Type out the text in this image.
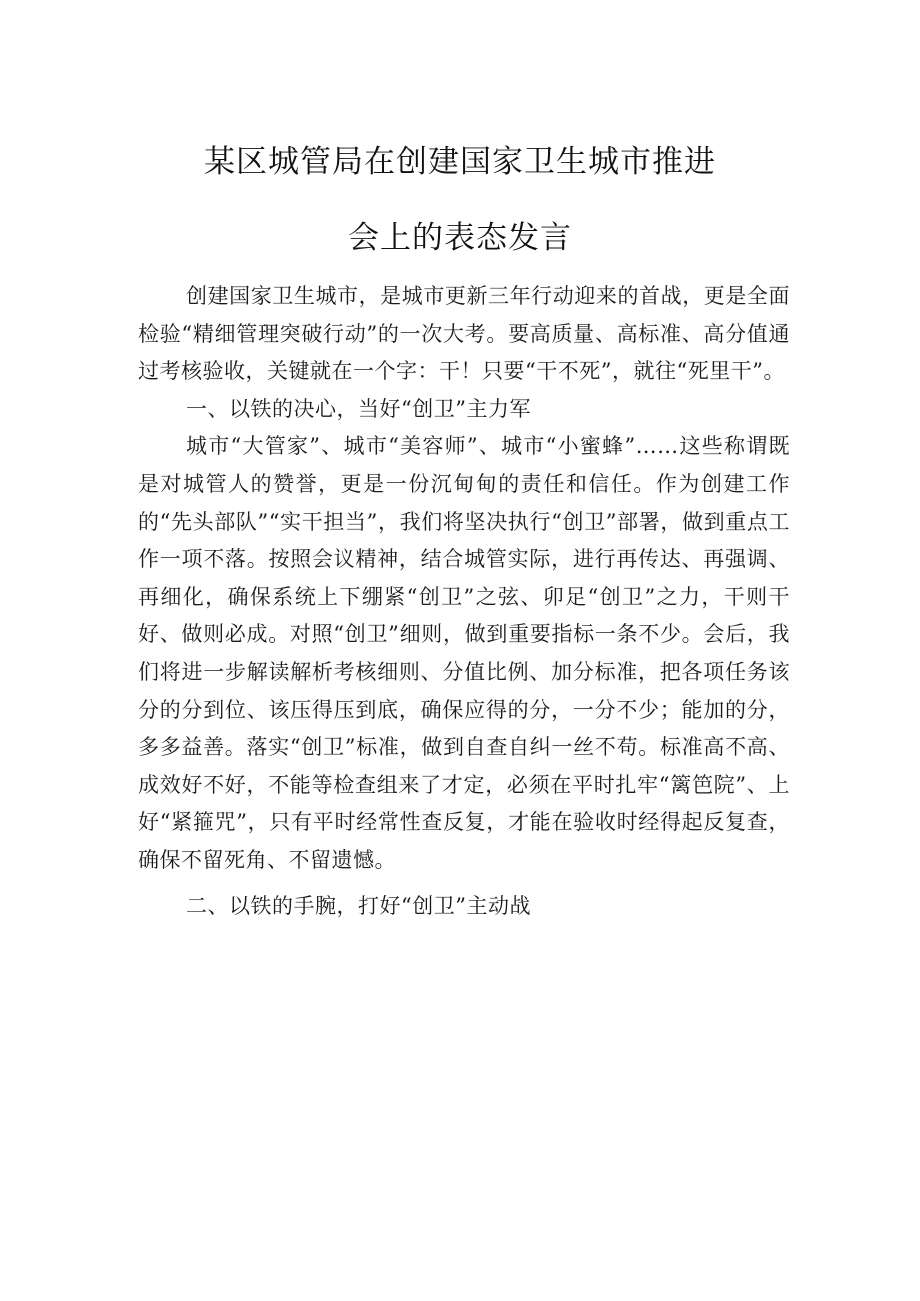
某区城管局在创建国家卫生城市推进
会上的表态发言

创建国家卫生城市，是城市更新三年行动迎来的首战，更是全面检验“精细管理突破行动”的一次大考。要高质量、高标准、高分值通过考核验收，关键就在一个字：干！只要“干不死”，就往“死里干”。

一、以铁的决心，当好“创卫”主力军

城市“大管家”、城市“美容师”、城市“小蜜蜂”……这些称谓既是对城管人的赞誉，更是一份沉甸甸的责任和信任。作为创建工作的“先头部队”“实干担当”，我们将坚决执行“创卫”部署，做到重点工作一项不落。按照会议精神，结合城管实际，进行再传达、再强调、再细化，确保系统上下绷紧“创卫”之弦、卯足“创卫”之力，干则干好、做则必成。对照“创卫”细则，做到重要指标一条不少。会后，我们将进一步解读解析考核细则、分值比例、加分标准，把各项任务该分的分到位、该压得压到底，确保应得的分，一分不少；能加的分，多多益善。落实“创卫”标准，做到自查自纠一丝不苟。标准高不高、成效好不好，不能等检查组来了才定，必须在平时扎牢“篱笆院”、上好“紧箍咒”，只有平时经常性查反复，才能在验收时经得起反复查，确保不留死角、不留遗憾。

二、以铁的手腕，打好“创卫”主动战
